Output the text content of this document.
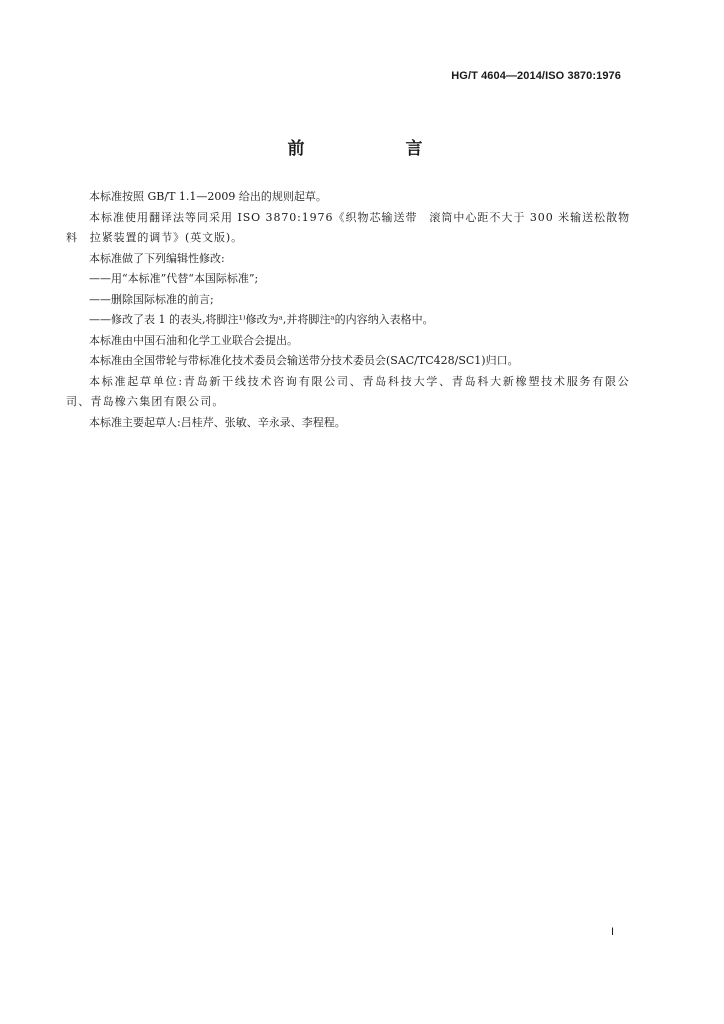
HG/T 4604—2014/ISO 3870:1976
前　言

本标准按照 GB/T 1.1—2009 给出的规则起草。

本标准使用翻译法等同采用 ISO 3870:1976《织物芯输送带　滚筒中心距不大于 300 米输送松散物料　拉紧装置的调节》(英文版)。

本标准做了下列编辑性修改:

——用“本标准”代替“本国际标准”;

——删除国际标准的前言;

——修改了表 1 的表头,将脚注¹⁾修改为ᵃ,并将脚注ᵃ的内容纳入表格中。

本标准由中国石油和化学工业联合会提出。

本标准由全国带轮与带标准化技术委员会输送带分技术委员会(SAC/TC428/SC1)归口。

本标准起草单位:青岛新干线技术咨询有限公司、青岛科技大学、青岛科大新橡塑技术服务有限公司、青岛橡六集团有限公司。

本标准主要起草人:吕桂芹、张敏、辛永录、李程程。

I
